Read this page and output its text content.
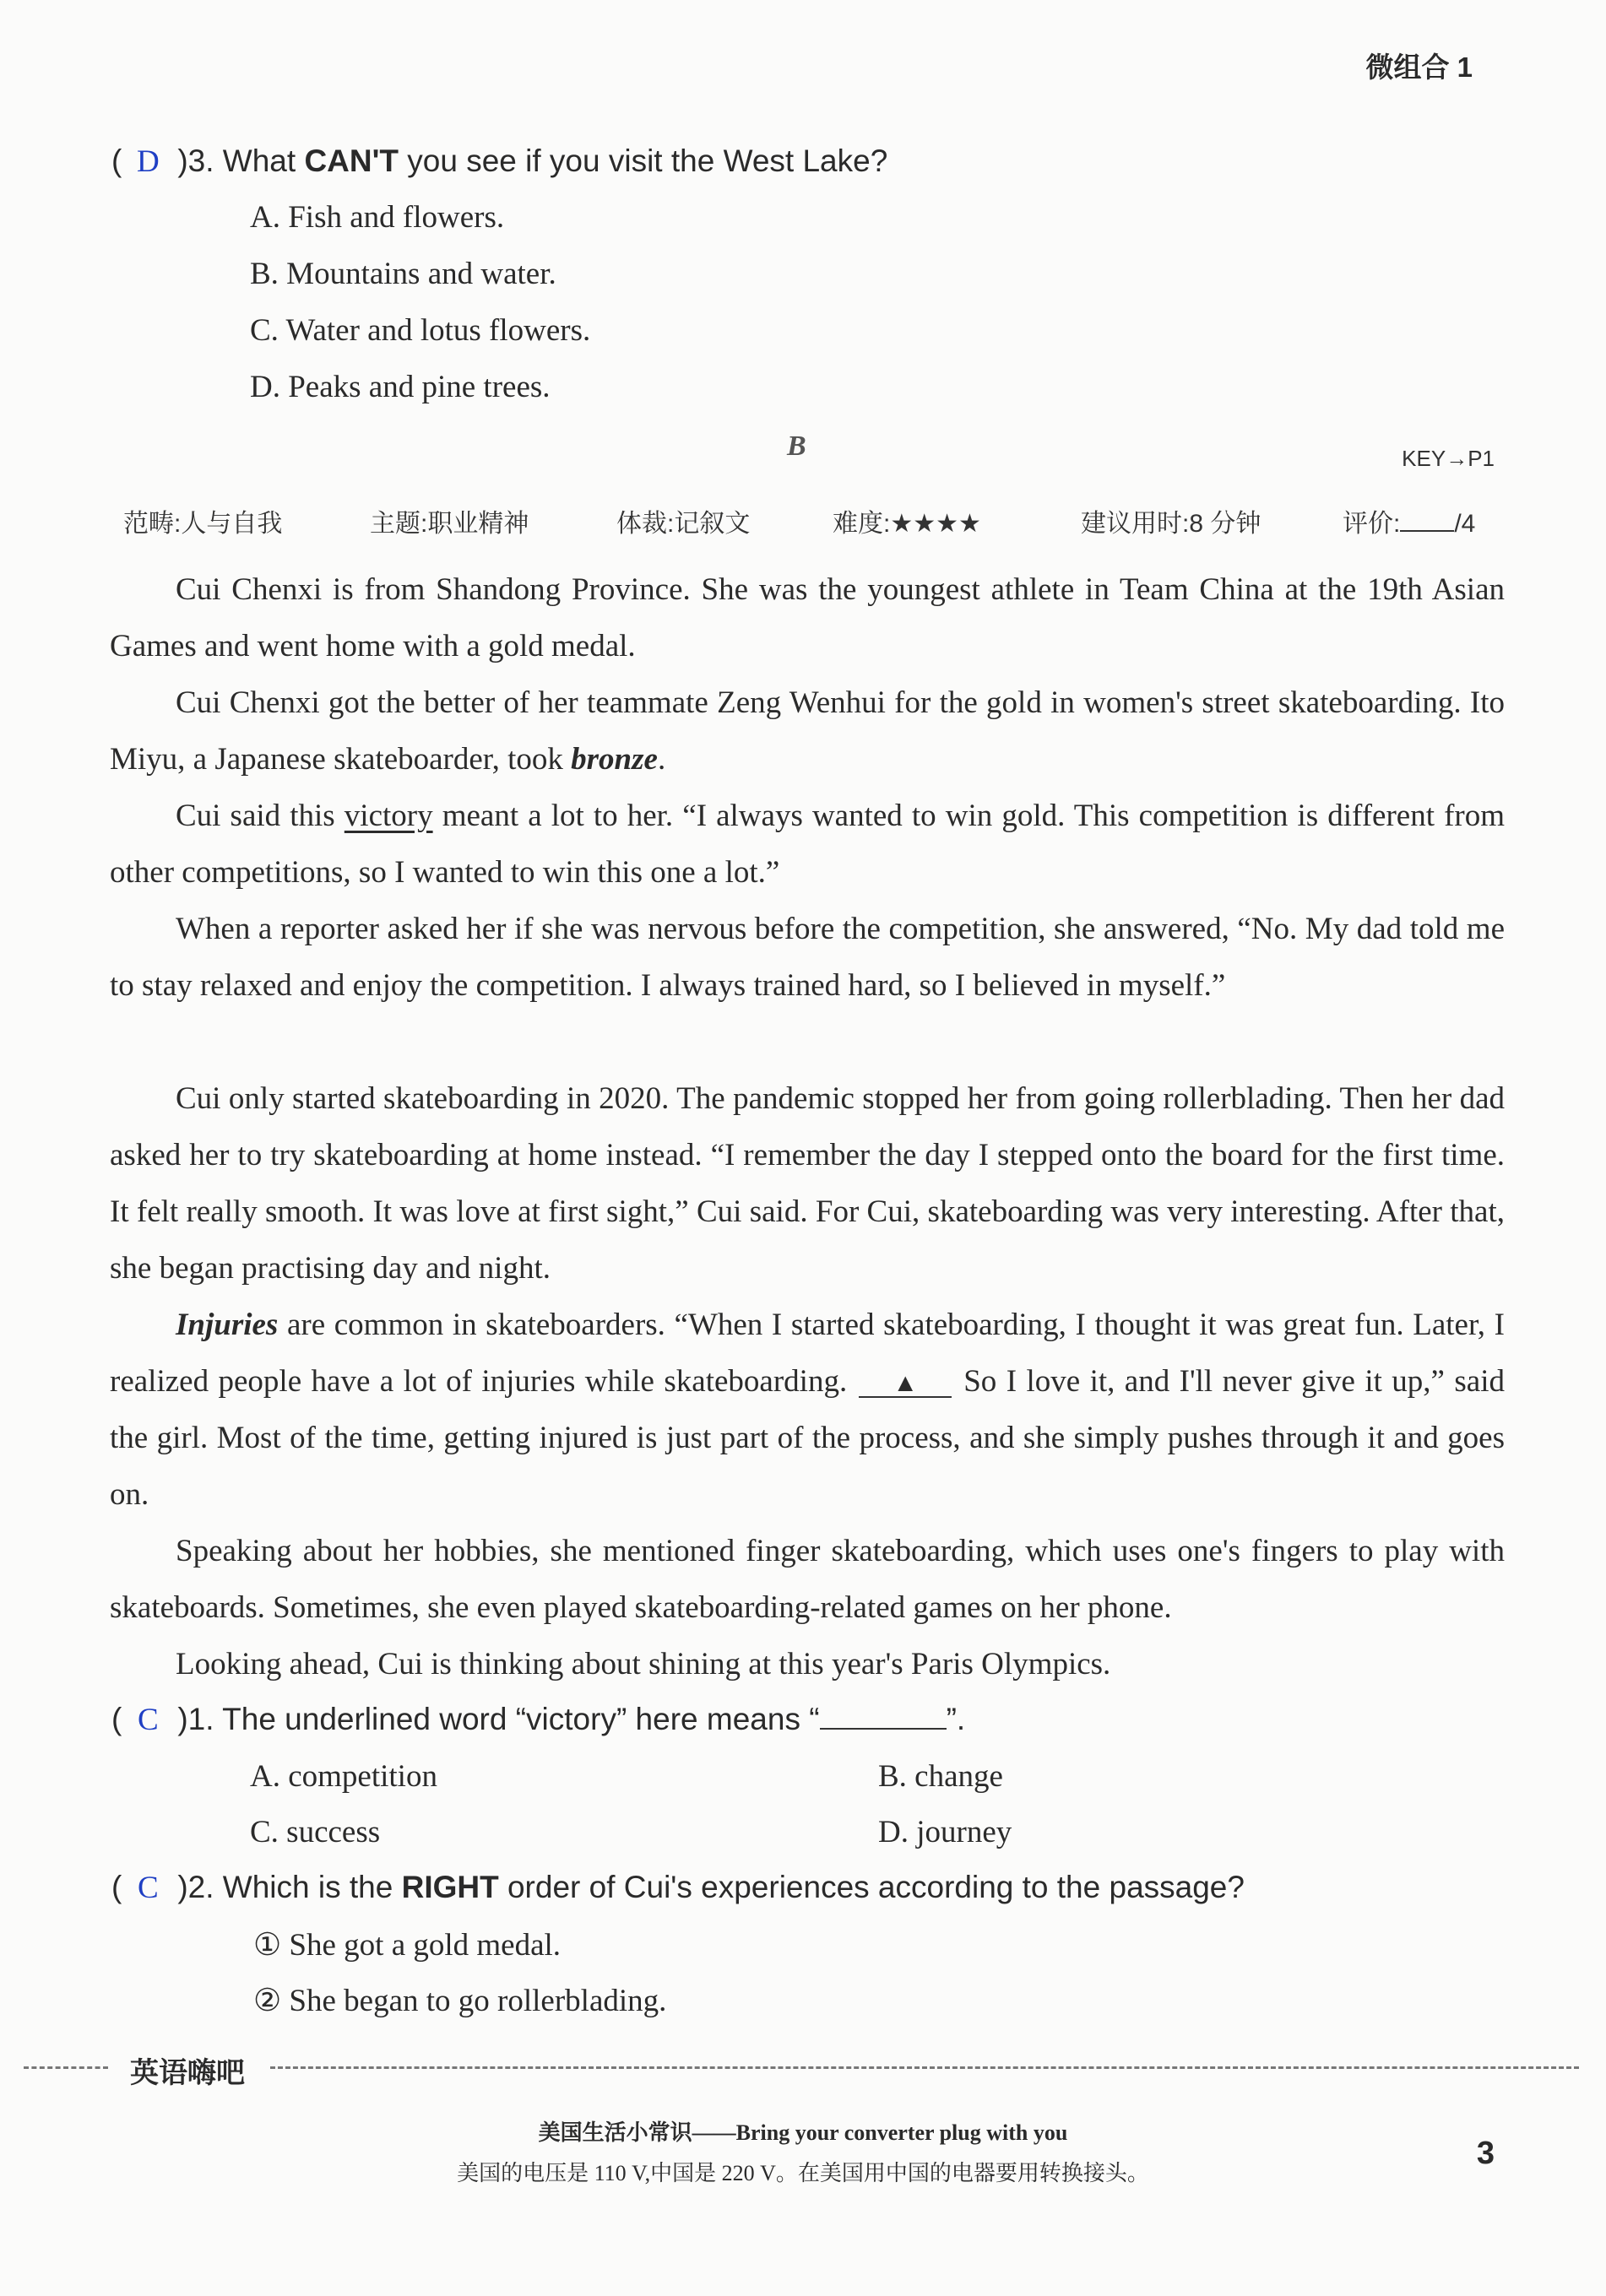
微组合 1
( D )3. What CAN'T you see if you visit the West Lake?
A. Fish and flowers.
B. Mountains and water.
C. Water and lotus flowers.
D. Peaks and pine trees.
B	KEY→P1
范畴:人与自我	主题:职业精神	体裁:记叙文	难度:★★★★	建议用时:8 分钟	评价: /4

Cui Chenxi is from Shandong Province. She was the youngest athlete in Team China at the 19th Asian Games and went home with a gold medal.

Cui Chenxi got the better of her teammate Zeng Wenhui for the gold in women's street skateboarding. Ito Miyu, a Japanese skateboarder, took bronze.

Cui said this victory meant a lot to her. “I always wanted to win gold. This competition is different from other competitions, so I wanted to win this one a lot.”

When a reporter asked her if she was nervous before the competition, she answered, “No. My dad told me to stay relaxed and enjoy the competition. I always trained hard, so I believed in myself.”

Cui only started skateboarding in 2020. The pandemic stopped her from going rollerblading. Then her dad asked her to try skateboarding at home instead. “I remember the day I stepped onto the board for the first time. It felt really smooth. It was love at first sight,” Cui said. For Cui, skateboarding was very interesting. After that, she began practising day and night.

Injuries are common in skateboarders. “When I started skateboarding, I thought it was great fun. Later, I realized people have a lot of injuries while skateboarding. ▲ So I love it, and I'll never give it up,” said the girl. Most of the time, getting injured is just part of the process, and she simply pushes through it and goes on.

Speaking about her hobbies, she mentioned finger skateboarding, which uses one's fingers to play with skateboards. Sometimes, she even played skateboarding-related games on her phone.

Looking ahead, Cui is thinking about shining at this year's Paris Olympics.

( C )1. The underlined word “victory” here means “	”.
A. competition	B. change
C. success	D. journey
( C )2. Which is the RIGHT order of Cui's experiences according to the passage?
① She got a gold medal.
② She began to go rollerblading.
英语嗨吧
美国生活小常识——Bring your converter plug with you
美国的电压是 110 V,中国是 220 V。在美国用中国的电器要用转换接头。
3
